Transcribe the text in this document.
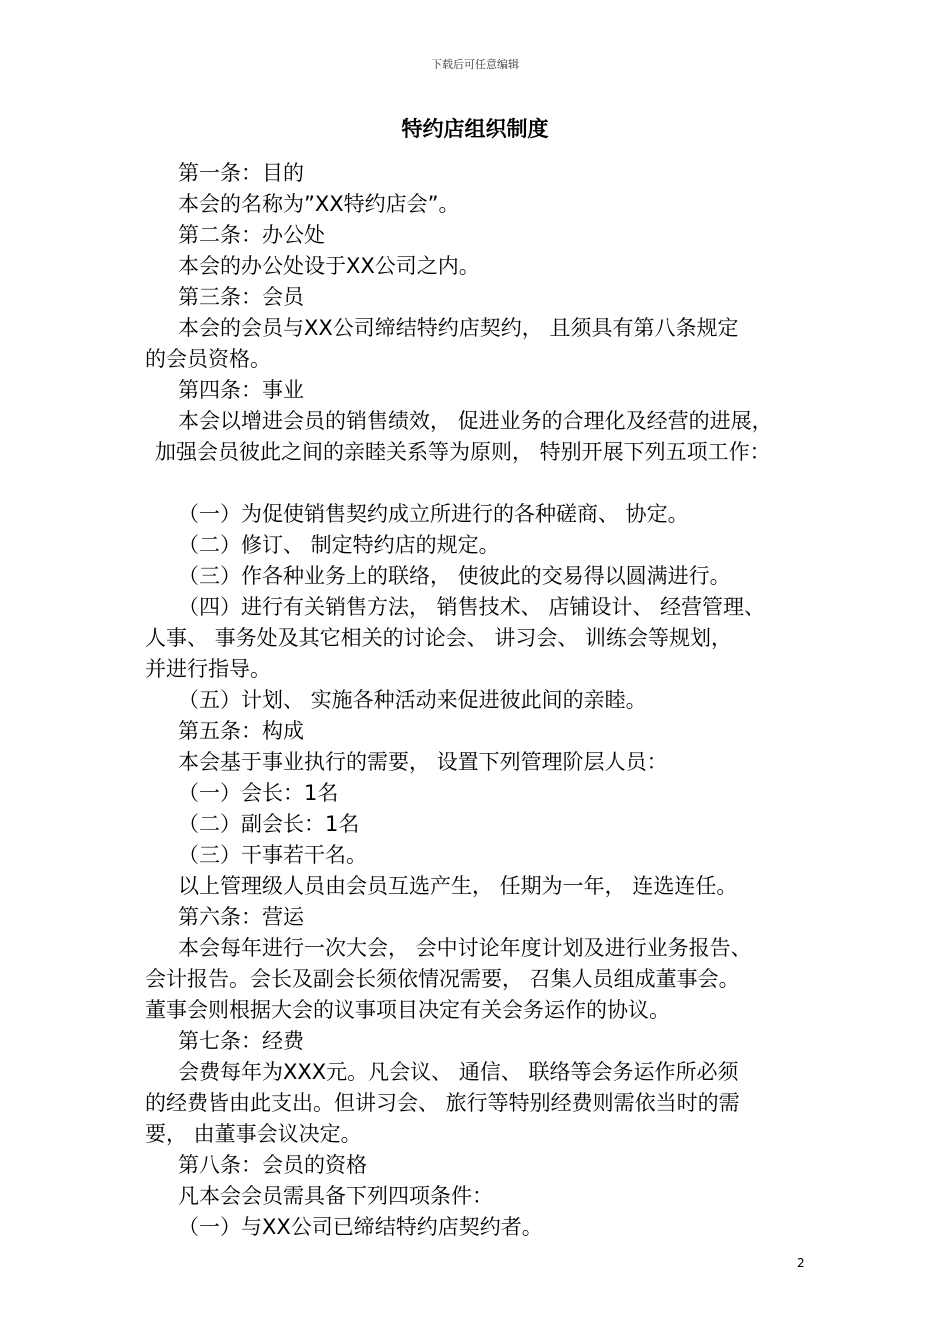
下载后可任意编辑
特约店组织制度
第一条：目的
本会的名称为”XX特约店会”。
第二条：办公处
本会的办公处设于XX公司之内。
第三条：会员
本会的会员与XX公司缔结特约店契约， 且须具有第八条规定
的会员资格。
第四条：事业
本会以增进会员的销售绩效， 促进业务的合理化及经营的进展，
加强会员彼此之间的亲睦关系等为原则， 特别开展下列五项工作：
（一）为促使销售契约成立所进行的各种磋商、 协定。
（二）修订、 制定特约店的规定。
（三）作各种业务上的联络， 使彼此的交易得以圆满进行。
（四）进行有关销售方法， 销售技术、 店铺设计、 经营管理、
人事、 事务处及其它相关的讨论会、 讲习会、 训练会等规划，
并进行指导。
（五）计划、 实施各种活动来促进彼此间的亲睦。
第五条：构成
本会基于事业执行的需要， 设置下列管理阶层人员：
（一）会长：1名
（二）副会长：1名
（三）干事若干名。
以上管理级人员由会员互选产生， 任期为一年， 连选连任。
第六条：营运
本会每年进行一次大会， 会中讨论年度计划及进行业务报告、
会计报告。会长及副会长须依情况需要， 召集人员组成董事会。
董事会则根据大会的议事项目决定有关会务运作的协议。
第七条：经费
会费每年为XXX元。凡会议、 通信、 联络等会务运作所必须
的经费皆由此支出。但讲习会、 旅行等特别经费则需依当时的需
要， 由董事会议决定。
第八条：会员的资格
凡本会会员需具备下列四项条件：
（一）与XX公司已缔结特约店契约者。
2
